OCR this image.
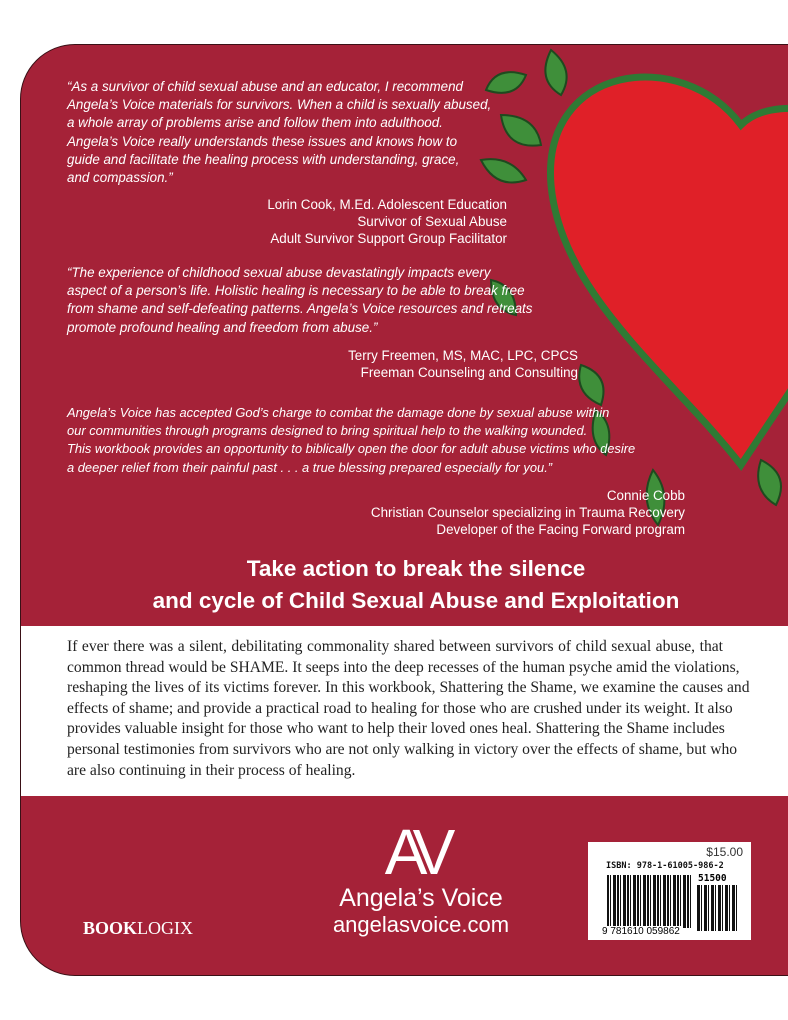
“As a survivor of child sexual abuse and an educator, I recommend
Angela’s Voice materials for survivors. When a child is sexually abused,
a whole array of problems arise and follow them into adulthood.
Angela’s Voice really understands these issues and knows how to
guide and facilitate the healing process with understanding, grace,
and compassion.”
Lorin Cook, M.Ed. Adolescent Education
Survivor of Sexual Abuse
Adult Survivor Support Group Facilitator
“The experience of childhood sexual abuse devastatingly impacts every
aspect of a person’s life. Holistic healing is necessary to be able to break free
from shame and self-defeating patterns. Angela’s Voice resources and retreats
promote profound healing and freedom from abuse.”
Terry Freemen, MS, MAC, LPC, CPCS
Freeman Counseling and Consulting
Angela’s Voice has accepted God’s charge to combat the damage done by sexual abuse within
our communities through programs designed to bring spiritual help to the walking wounded.
This workbook provides an opportunity to biblically open the door for adult abuse victims who desire
a deeper relief from their painful past . . . a true blessing prepared especially for you.”
Connie Cobb
Christian Counselor specializing in Trauma Recovery
Developer of the Facing Forward program
Take action to break the silence
and cycle of Child Sexual Abuse and Exploitation
If ever there was a silent, debilitating commonality shared between survivors of child sexual abuse, that
common thread would be SHAME. It seeps into the deep recesses of the human psyche amid the violations,
reshaping the lives of its victims forever. In this workbook, Shattering the Shame, we examine the causes and
effects of shame; and provide a practical road to healing for those who are crushed under its weight. It also
provides valuable insight for those who want to help their loved ones heal. Shattering the Shame includes
personal testimonies from survivors who are not only walking in victory over the effects of shame, but who
are also continuing in their process of healing.
AV
Angela’s Voice
angelasvoice.com
BOOKLOGIX
$15.00
ISBN: 978-1-61005-986-2
51500
9 781610 059862
